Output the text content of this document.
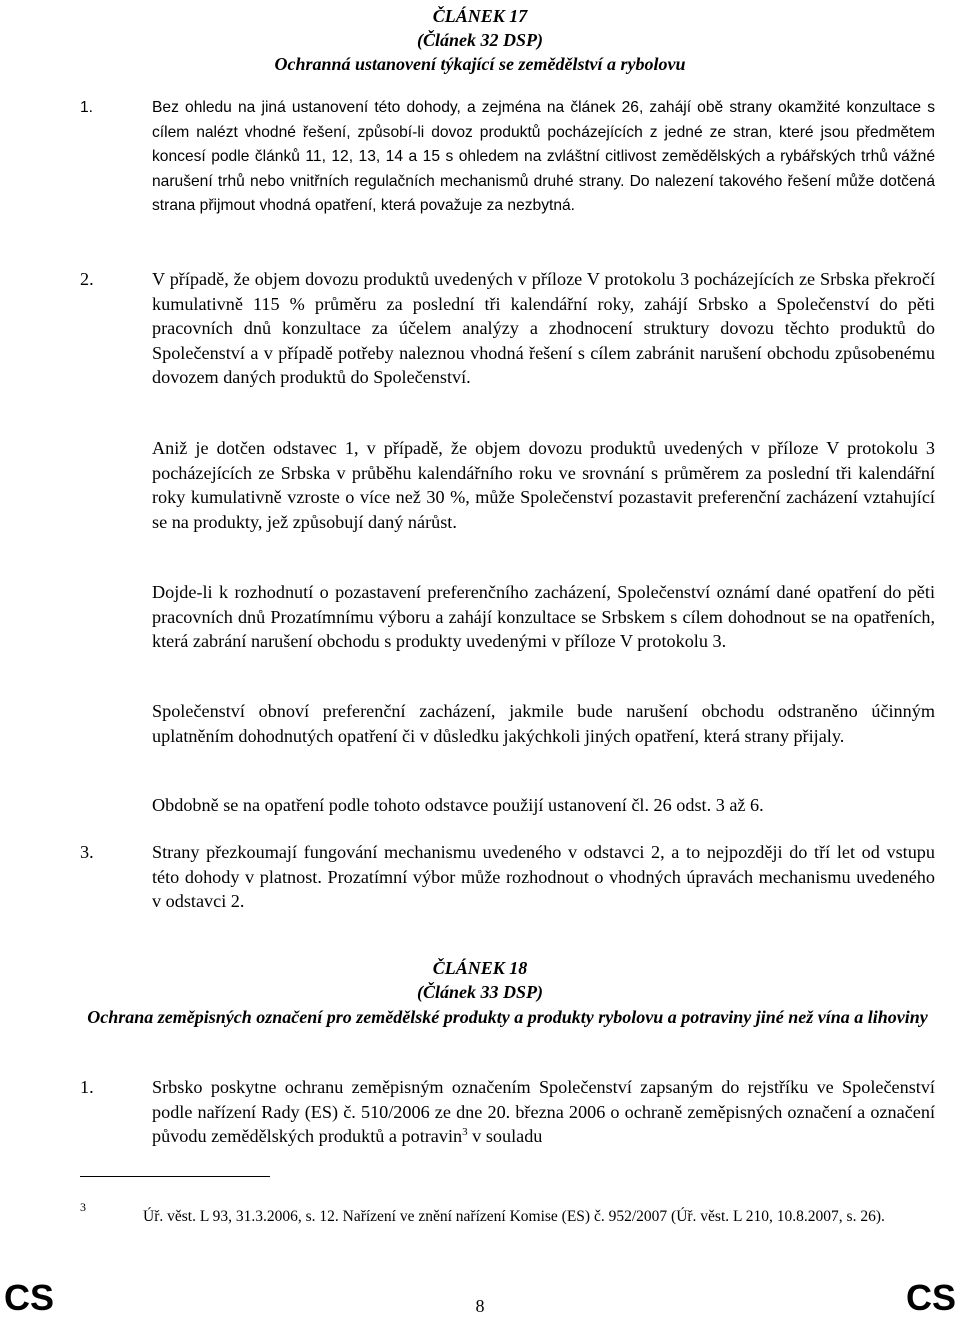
ČLÁNEK 17
(Článek 32 DSP)
Ochranná ustanovení týkající se zemědělství a rybolovu
1.	Bez ohledu na jiná ustanovení této dohody, a zejména na článek 26, zahájí obě strany okamžité konzultace s cílem nalézt vhodné řešení, způsobí-li dovoz produktů pocházejících z jedné ze stran, které jsou předmětem koncesí podle článků 11, 12, 13, 14 a 15 s ohledem na zvláštní citlivost zemědělských a rybářských trhů vážné narušení trhů nebo vnitřních regulačních mechanismů druhé strany. Do nalezení takového řešení může dotčená strana přijmout vhodná opatření, která považuje za nezbytná.
2.	V případě, že objem dovozu produktů uvedených v příloze V protokolu 3 pocházejících ze Srbska překročí kumulativně 115 % průměru za poslední tři kalendářní roky, zahájí Srbsko a Společenství do pěti pracovních dnů konzultace za účelem analýzy a zhodnocení struktury dovozu těchto produktů do Společenství a v případě potřeby naleznou vhodná řešení s cílem zabránit narušení obchodu způsobenému dovozem daných produktů do Společenství.
Aniž je dotčen odstavec 1, v případě, že objem dovozu produktů uvedených v příloze V protokolu 3 pocházejících ze Srbska v průběhu kalendářního roku ve srovnání s průměrem za poslední tři kalendářní roky kumulativně vzroste o více než 30 %, může Společenství pozastavit preferenční zacházení vztahující se na produkty, jež způsobují daný nárůst.
Dojde-li k rozhodnutí o pozastavení preferenčního zacházení, Společenství oznámí dané opatření do pěti pracovních dnů Prozatímnímu výboru a zahájí konzultace se Srbskem s cílem dohodnout se na opatřeních, která zabrání narušení obchodu s produkty uvedenými v příloze V protokolu 3.
Společenství obnoví preferenční zacházení, jakmile bude narušení obchodu odstraněno účinným uplatněním dohodnutých opatření či v důsledku jakýchkoli jiných opatření, která strany přijaly.
Obdobně se na opatření podle tohoto odstavce použijí ustanovení čl. 26 odst. 3 až 6.
3.	Strany přezkoumají fungování mechanismu uvedeného v odstavci 2, a to nejpozději do tří let od vstupu této dohody v platnost. Prozatímní výbor může rozhodnout o vhodných úpravách mechanismu uvedeného v odstavci 2.
ČLÁNEK 18
(Článek 33 DSP)
Ochrana zeměpisných označení pro zemědělské produkty a produkty rybolovu a potraviny jiné než vína a lihoviny
1.	Srbsko poskytne ochranu zeměpisným označením Společenství zapsaným do rejstříku ve Společenství podle nařízení Rady (ES) č. 510/2006 ze dne 20. března 2006 o ochraně zeměpisných označení a označení původu zemědělských produktů a potravin$^3$ v souladu
3
Úř. věst. L 93, 31.3.2006, s. 12. Nařízení ve znění nařízení Komise (ES) č. 952/2007 (Úř. věst. L 210, 10.8.2007, s. 26).
CS	8	CS
